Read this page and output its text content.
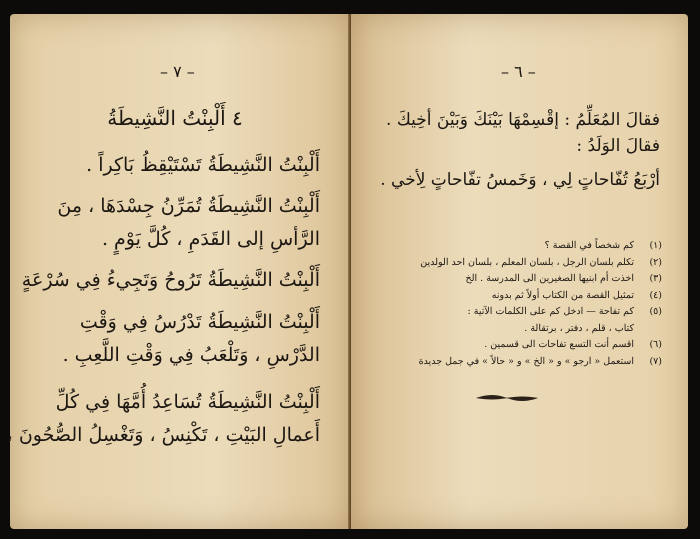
– ٧ –
٤ أَلْبِنْتُ النَّشِيطَةُ
أَلْبِنْتُ النَّشِيطَةُ تَسْتَيْقِظُ بَاكِراً .
أَلْبِنْتُ النَّشِيطَةُ تُمَرِّنُ جِسْدَهَا ، مِنَ
الرَّأسِ إلى القَدَمِ ، كُلَّ يَوْمٍ .
أَلْبِنْتُ النَّشِيطَةُ تَرُوحُ وَتَجِيءُ فِي سُرْعَةٍ
أَلْبِنْتُ النَّشِيطَةُ تَدْرُسُ فِي وَقْتِ
الدَّرْسِ ، وَتَلْعَبُ فِي وَقْتِ اللَّعِبِ .
أَلْبِنْتُ النَّشِيطَةُ تُسَاعِدُ أُمَّهَا فِي كُلِّ
أَعمالِ البَيْتِ ، تَكْنِسُ ، وَتَغْسِلُ الصُّحُونَ ،
– ٦ –
فقالَ المُعَلِّمُ : إقْسِمْهَا بَيْنَكَ وَبَيْنَ أخِيكَ .
فقالَ الوَلَدُ :
أرْبَعُ تُفّاحاتٍ لِي ، وَخَمسُ تفّاحاتٍ لِأخي .
(١)
كم شخصاً في القصة ؟
(٢)
تكلم بلسان الرجل ، بلسان المعلم ، بلسان احد الولدين
(٣)
اخذت أم ابنيها الصغيرين الى المدرسة . الخ
(٤)
تمثيل القصة من الكتاب أولاً ثم بدونه
(٥)
كم تفاحة — ادخل كم على الكلمات الآتية :
كتاب ، قلم ، دفتر ، برتقالة .
(٦)
اقسم أنت التسع تفاحات الى قسمين .
(٧)
استعمل « ارجو » و « الخ » و « حالاً » في جمل جديدة
